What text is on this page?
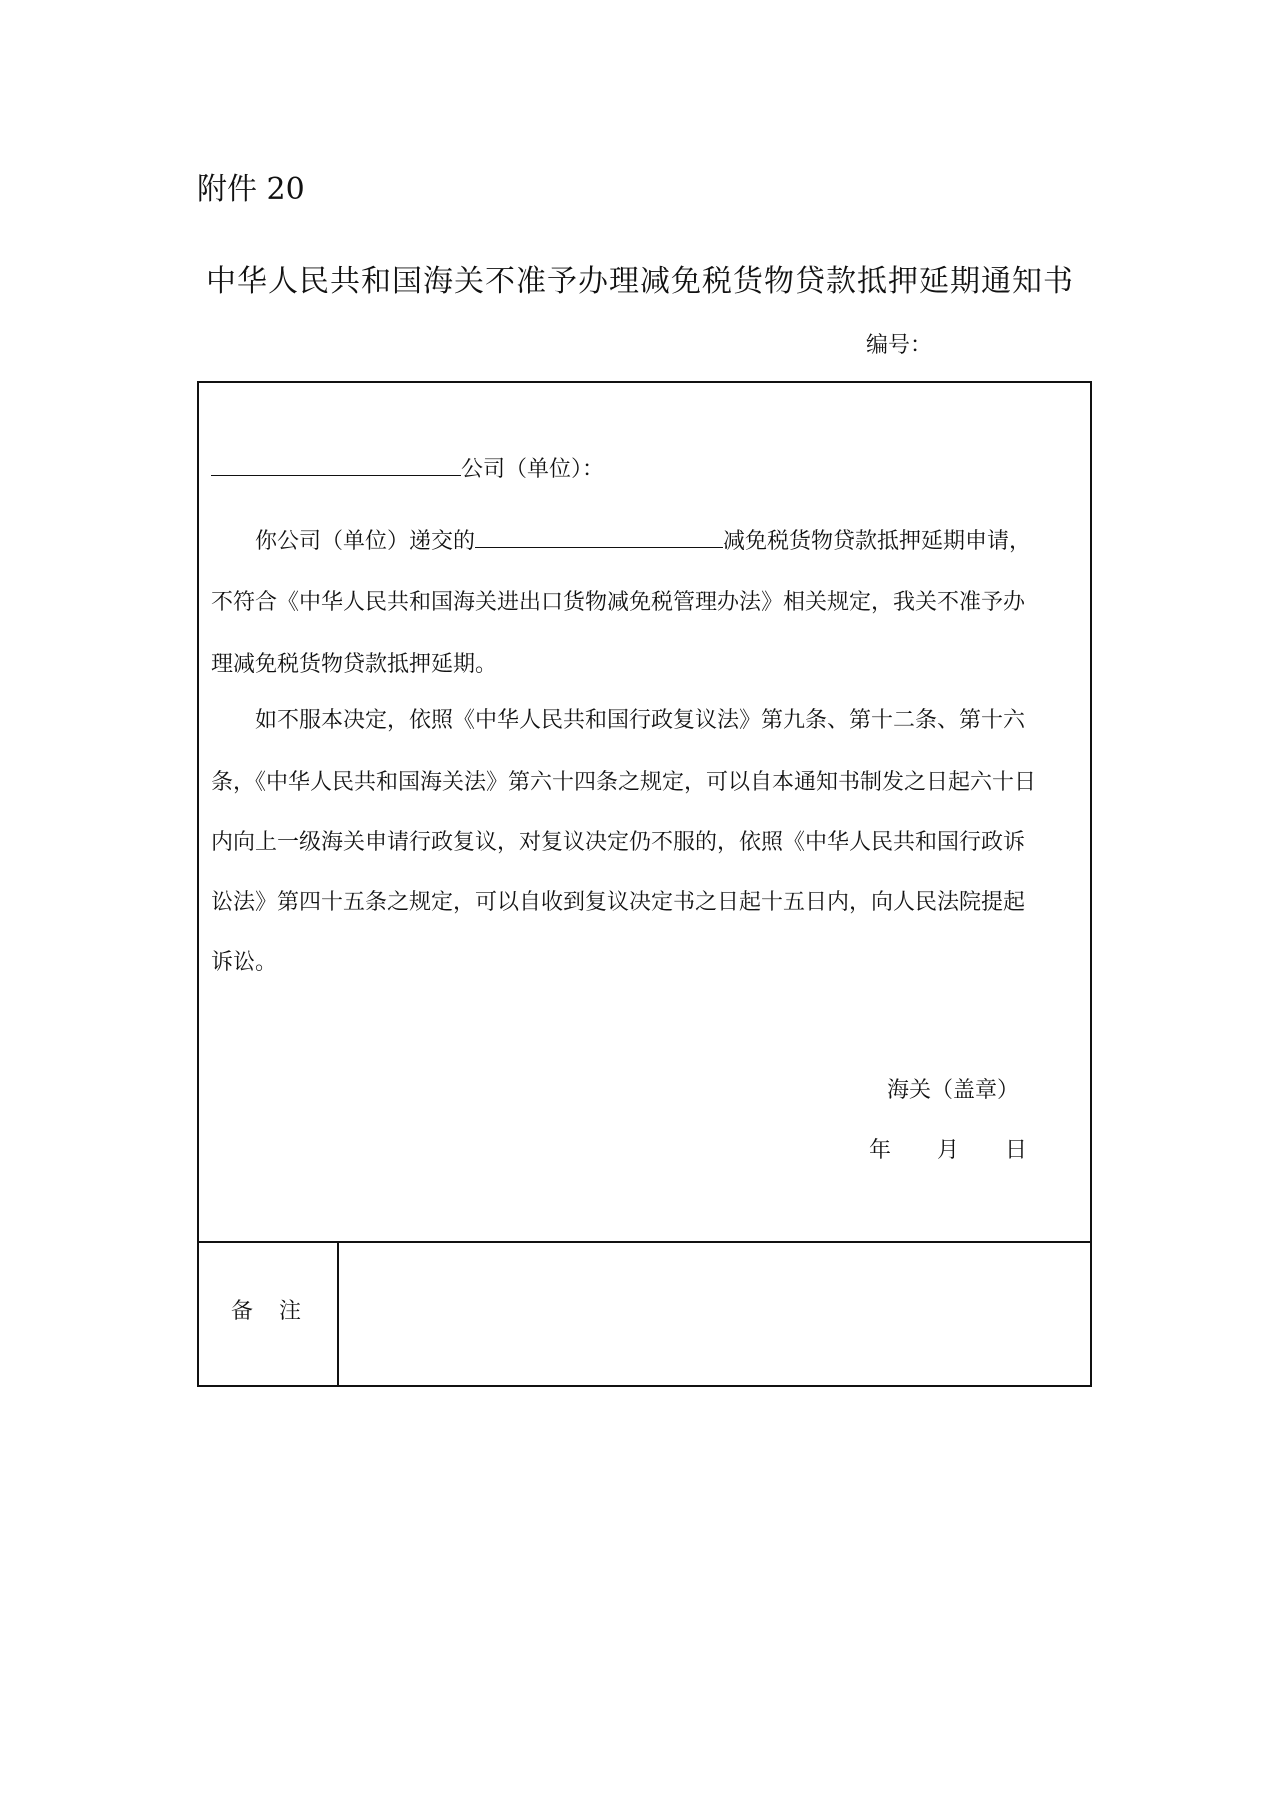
附件 20
中华人民共和国海关不准予办理减免税货物贷款抵押延期通知书
编号：
公司（单位）：
你公司（单位）递交的	减免税货物贷款抵押延期申请，
不符合《中华人民共和国海关进出口货物减免税管理办法》相关规定，我关不准予办
理减免税货物贷款抵押延期。
如不服本决定，依照《中华人民共和国行政复议法》第九条、第十二条、第十六
条，《中华人民共和国海关法》第六十四条之规定，可以自本通知书制发之日起六十日
内向上一级海关申请行政复议，对复议决定仍不服的，依照《中华人民共和国行政诉
讼法》第四十五条之规定，可以自收到复议决定书之日起十五日内，向人民法院提起
诉讼。
海关（盖章）
年 月 日
备注
